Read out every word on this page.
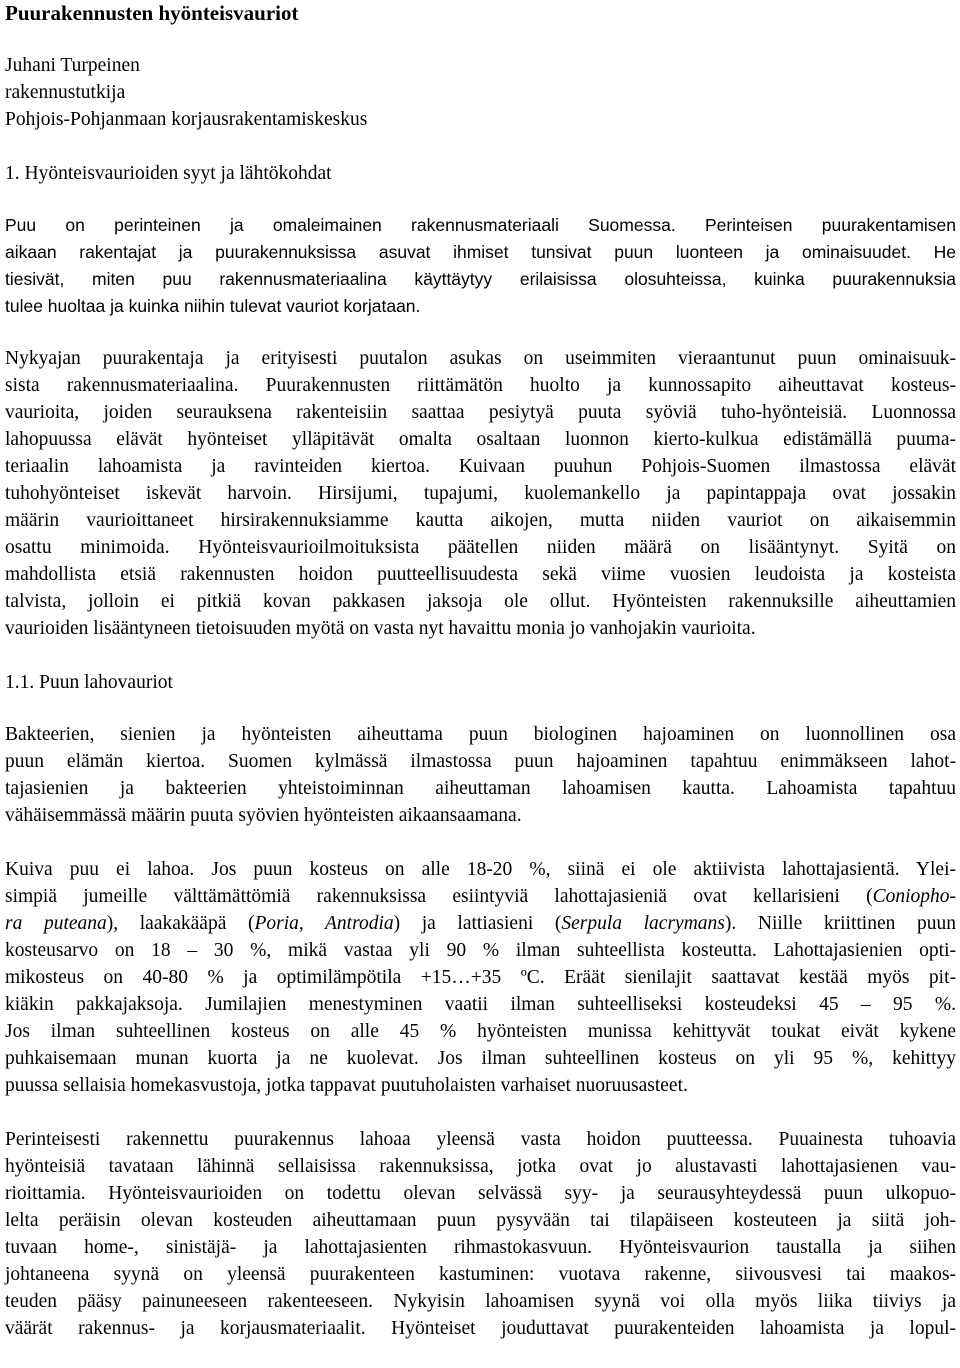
Puurakennusten hyönteisvauriot
Juhani Turpeinen
rakennustutkija
Pohjois-Pohjanmaan korjausrakentamiskeskus
1. Hyönteisvaurioiden syyt ja lähtökohdat
Puu on perinteinen ja omaleimainen rakennusmateriaali Suomessa. Perinteisen puurakentamisen
aikaan rakentajat ja puurakennuksissa asuvat ihmiset tunsivat puun luonteen ja ominaisuudet. He
tiesivät, miten puu rakennusmateriaalina käyttäytyy erilaisissa olosuhteissa, kuinka puurakennuksia
tulee huoltaa ja kuinka niihin tulevat vauriot korjataan.
Nykyajan puurakentaja ja erityisesti puutalon asukas on useimmiten vieraantunut puun ominaisuuk-
sista rakennusmateriaalina. Puurakennusten riittämätön huolto ja kunnossapito aiheuttavat kosteus-
vaurioita, joiden seurauksena rakenteisiin saattaa pesiytyä puuta syöviä tuho-hyönteisiä. Luonnossa
lahopuussa elävät hyönteiset ylläpitävät omalta osaltaan luonnon kierto-kulkua edistämällä puuma-
teriaalin lahoamista ja ravinteiden kiertoa. Kuivaan puuhun Pohjois-Suomen ilmastossa elävät
tuhohyönteiset iskevät harvoin. Hirsijumi, tupajumi, kuolemankello ja papintappaja ovat jossakin
määrin vaurioittaneet hirsirakennuksiamme kautta aikojen, mutta niiden vauriot on aikaisemmin
osattu minimoida. Hyönteisvaurioilmoituksista päätellen niiden määrä on lisääntynyt. Syitä on
mahdollista etsiä rakennusten hoidon puutteellisuudesta sekä viime vuosien leudoista ja kosteista
talvista, jolloin ei pitkiä kovan pakkasen jaksoja ole ollut. Hyönteisten rakennuksille aiheuttamien
vaurioiden lisääntyneen tietoisuuden myötä on vasta nyt havaittu monia jo vanhojakin vaurioita.
1.1. Puun lahovauriot
Bakteerien, sienien ja hyönteisten aiheuttama puun biologinen hajoaminen on luonnollinen osa
puun elämän kiertoa. Suomen kylmässä ilmastossa puun hajoaminen tapahtuu enimmäkseen lahot-
tajasienien ja bakteerien yhteistoiminnan aiheuttaman lahoamisen kautta. Lahoamista tapahtuu
vähäisemmässä määrin puuta syövien hyönteisten aikaansaamana.
Kuiva puu ei lahoa. Jos puun kosteus on alle 18-20 %, siinä ei ole aktiivista lahottajasientä. Ylei-
simpiä jumeille välttämättömiä rakennuksissa esiintyviä lahottajasieniä ovat kellarisieni (Coniopho-
ra puteana), laakakääpä (Poria, Antrodia) ja lattiasieni (Serpula lacrymans). Niille kriittinen puun
kosteusarvo on 18 – 30 %, mikä vastaa yli 90 % ilman suhteellista kosteutta. Lahottajasienien opti-
mikosteus on 40-80 % ja optimilämpötila +15…+35 ºC. Eräät sienilajit saattavat kestää myös pit-
kiäkin pakkajaksoja. Jumilajien menestyminen vaatii ilman suhteelliseksi kosteudeksi 45 – 95 %.
Jos ilman suhteellinen kosteus on alle 45 % hyönteisten munissa kehittyvät toukat eivät kykene
puhkaisemaan munan kuorta ja ne kuolevat. Jos ilman suhteellinen kosteus on yli 95 %, kehittyy
puussa sellaisia homekasvustoja, jotka tappavat puutuholaisten varhaiset nuoruusasteet.
Perinteisesti rakennettu puurakennus lahoaa yleensä vasta hoidon puutteessa. Puuainesta tuhoavia
hyönteisiä tavataan lähinnä sellaisissa rakennuksissa, jotka ovat jo alustavasti lahottajasienen vau-
rioittamia. Hyönteisvaurioiden on todettu olevan selvässä syy- ja seurausyhteydessä puun ulkopuo-
lelta peräisin olevan kosteuden aiheuttamaan puun pysyvään tai tilapäiseen kosteuteen ja siitä joh-
tuvaan home-, sinistäjä- ja lahottajasienten rihmastokasvuun. Hyönteisvaurion taustalla ja siihen
johtaneena syynä on yleensä puurakenteen kastuminen: vuotava rakenne, siivousvesi tai maakos-
teuden pääsy painuneeseen rakenteeseen. Nykyisin lahoamisen syynä voi olla myös liika tiiviys ja
väärät rakennus- ja korjausmateriaalit. Hyönteiset jouduttavat puurakenteiden lahoamista ja lopul-
